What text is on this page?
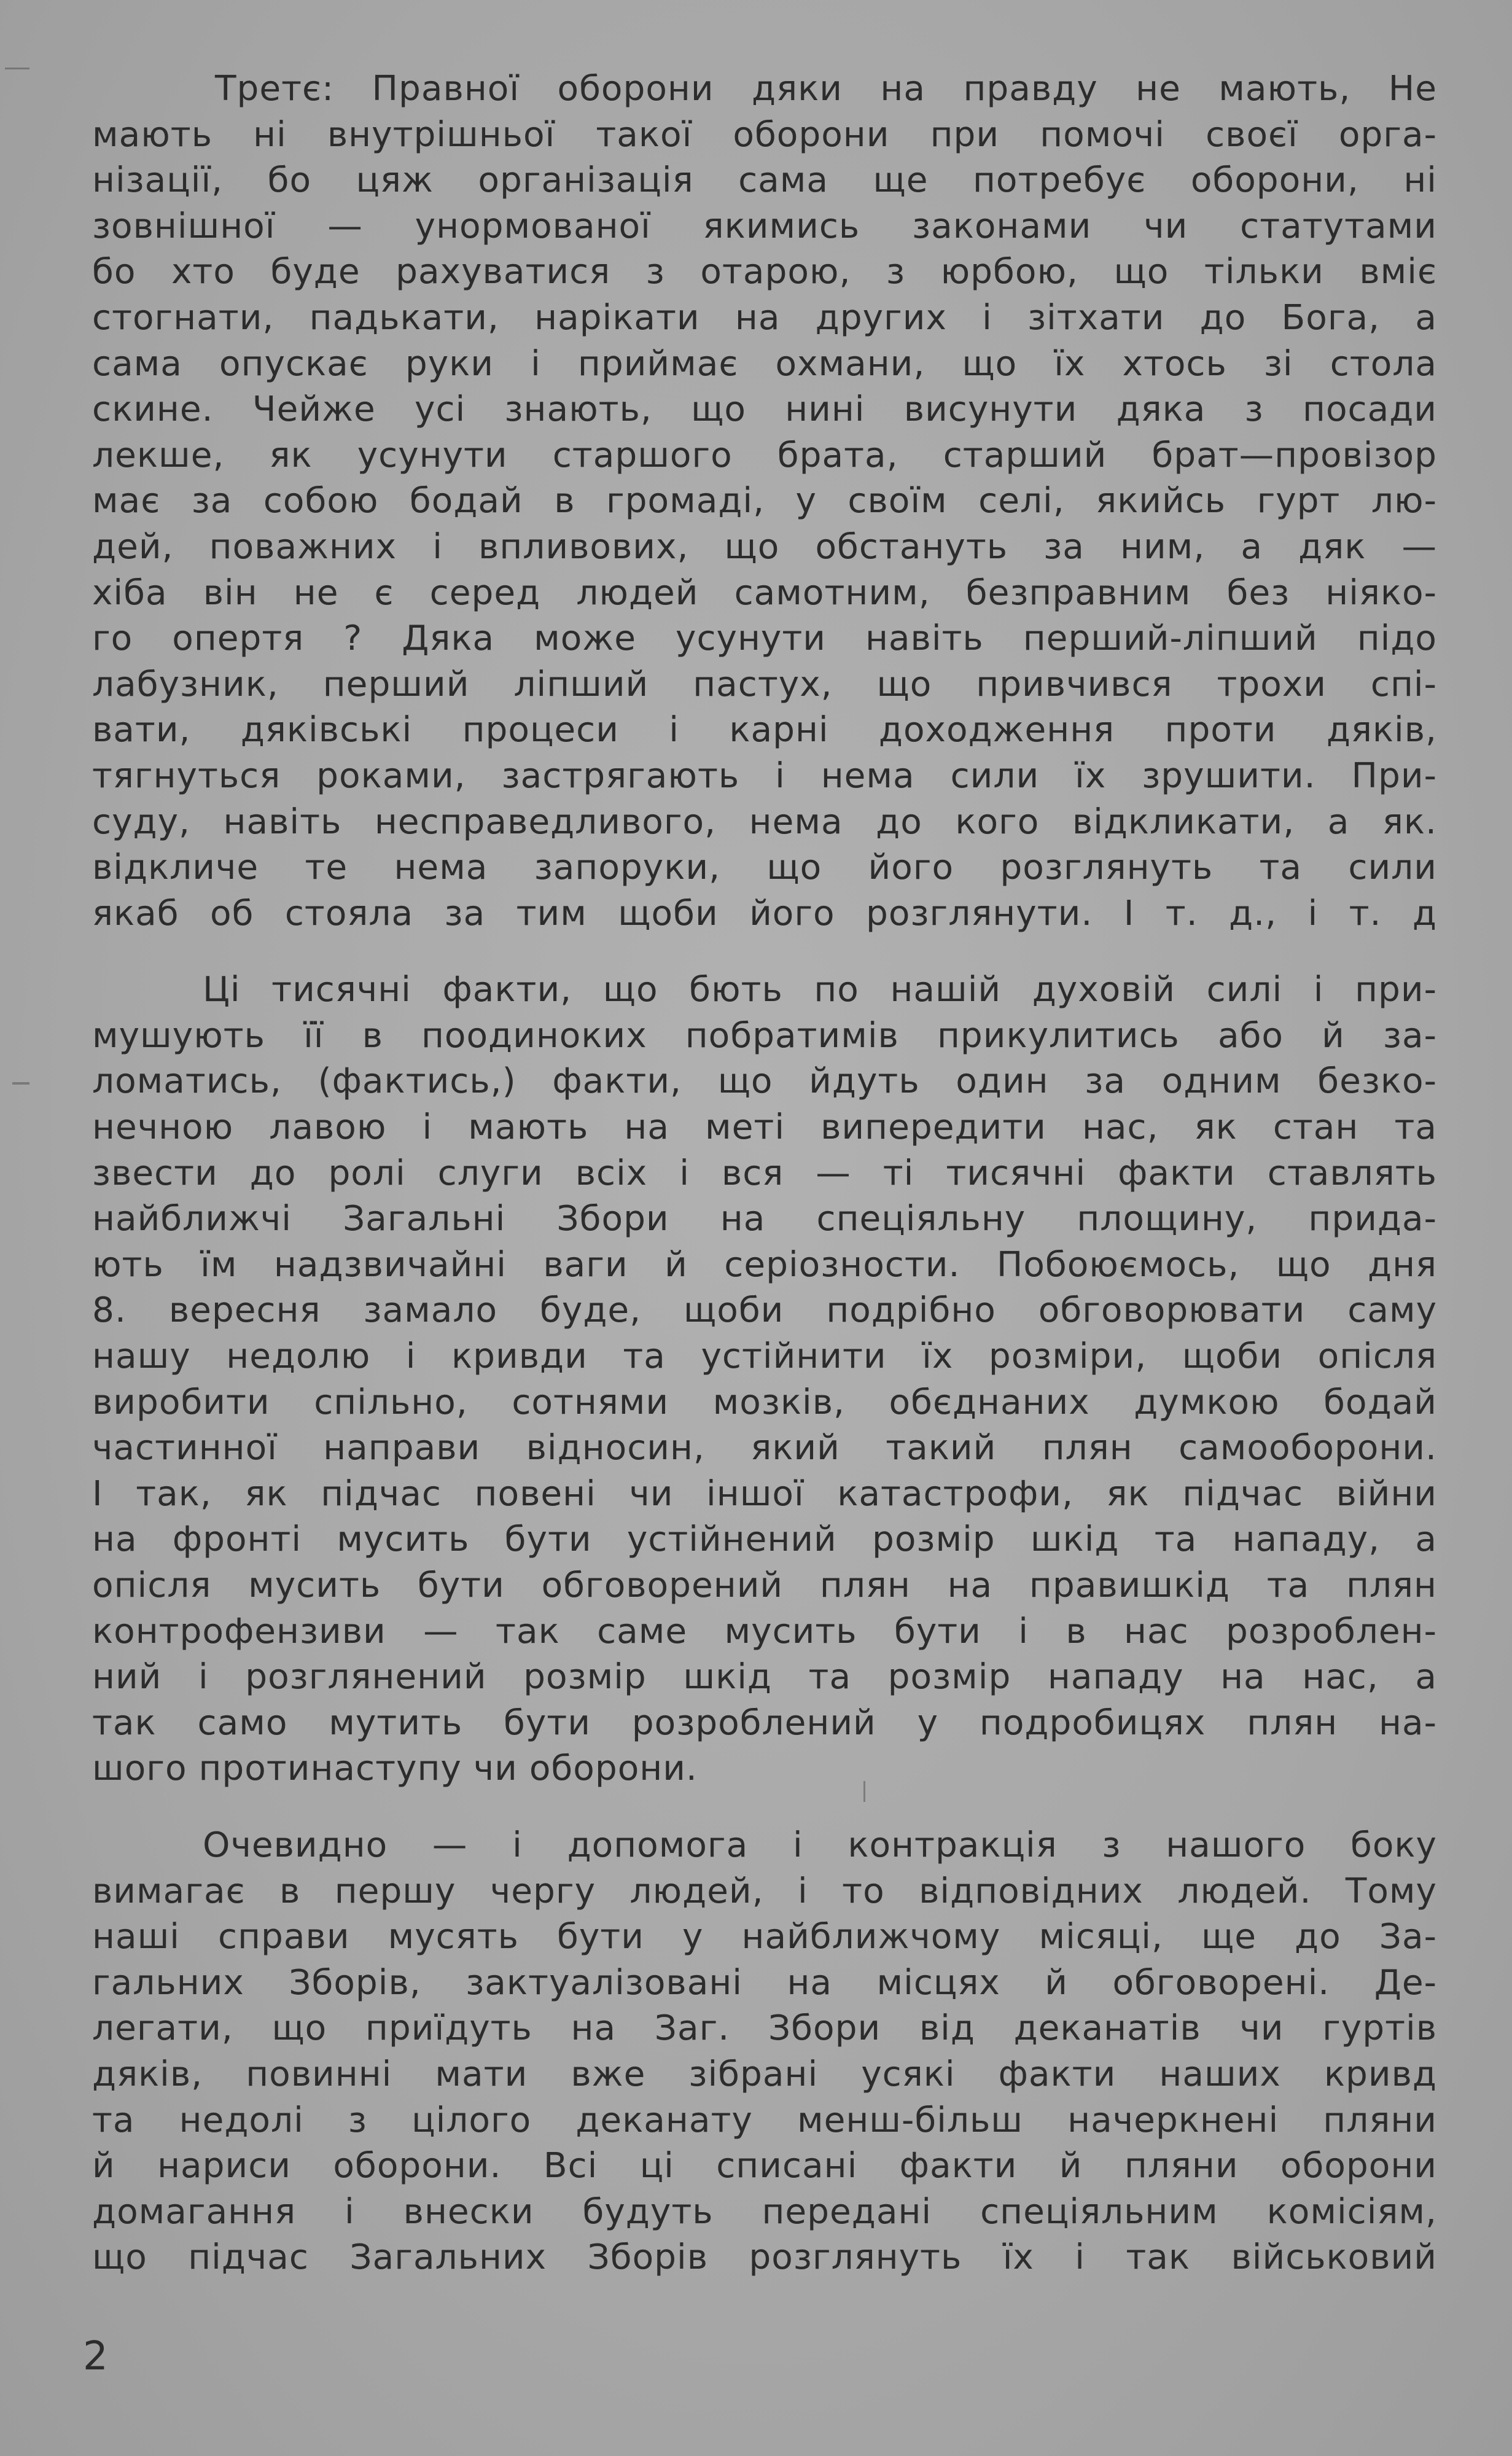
Третє: Правної оборони дяки на правду не мають, Не
мають ні внутрішньої такої оборони при помочі своєї орга-
нізації, бо цяж організація сама ще потребує оборони, ні
зовнішної — унормованої якимись законами чи статутами
бо хто буде рахуватися з отарою, з юрбою, що тільки вміє
стогнати, падькати, нарікати на других і зітхати до Бога, а
сама опускає руки і приймає охмани, що їх хтось зі стола
скине. Чейже усі знають, що нині висунути дяка з посади
лекше, як усунути старшого брата, старший брат—провізор
має за собою бодай в громаді, у своїм селі, якийсь гурт лю-
дей, поважних і впливових, що обстануть за ним, а дяк —
хіба він не є серед людей самотним, безправним без ніяко-
го опертя ? Дяка може усунути навіть перший-ліпший підо
лабузник, перший ліпший пастух, що привчився трохи спі-
вати, дяківські процеси і карні доходження проти дяків,
тягнуться роками, застрягають і нема сили їх зрушити. При-
суду, навіть несправедливого, нема до кого відкликати, а як.
відкличе те нема запоруки, що його розглянуть та сили
якаб об стояла за тим щоби його розглянути. І т. д., і т. д

Ці тисячні факти, що бють по нашій духовій силі і при-
мушують її в поодиноких побратимів прикулитись або й за-
ломатись, (фактись,) факти, що йдуть один за одним безко-
нечною лавою і мають на меті випередити нас, як стан та
звести до ролі слуги всіх і вся — ті тисячні факти ставлять
найближчі Загальні Збори на спеціяльну площину, прида-
ють їм надзвичайні ваги й серіозности. Побоюємось, що дня
8. вересня замало буде, щоби подрібно обговорювати саму
нашу недолю і кривди та устійнити їх розміри, щоби опісля
виробити спільно, сотнями мозків, обєднаних думкою бодай
частинної направи відносин, який такий плян самооборони.
І так, як підчас повені чи іншої катастрофи, як підчас війни
на фронті мусить бути устійнений розмір шкід та нападу, а
опісля мусить бути обговорений плян на правишкід та плян
контрофензиви — так саме мусить бути і в нас розроблен-
ний і розглянений розмір шкід та розмір нападу на нас, а
так само мутить бути розроблений у подробицях плян на-
шого протинаступу чи оборони.

Очевидно — і допомога і контракція з нашого боку
вимагає в першу чергу людей, і то відповідних людей. Тому
наші справи мусять бути у найближчому місяці, ще до За-
гальних Зборів, зактуалізовані на місцях й обговорені. Де-
легати, що приїдуть на Заг. Збори від деканатів чи гуртів
дяків, повинні мати вже зібрані усякі факти наших кривд
та недолі з цілого деканату менш-більш начеркнені пляни
й нариси оборони. Всі ці списані факти й пляни оборони
домагання і внески будуть передані спеціяльним комісіям,
що підчас Загальних Зборів розглянуть їх і так військовий

2
